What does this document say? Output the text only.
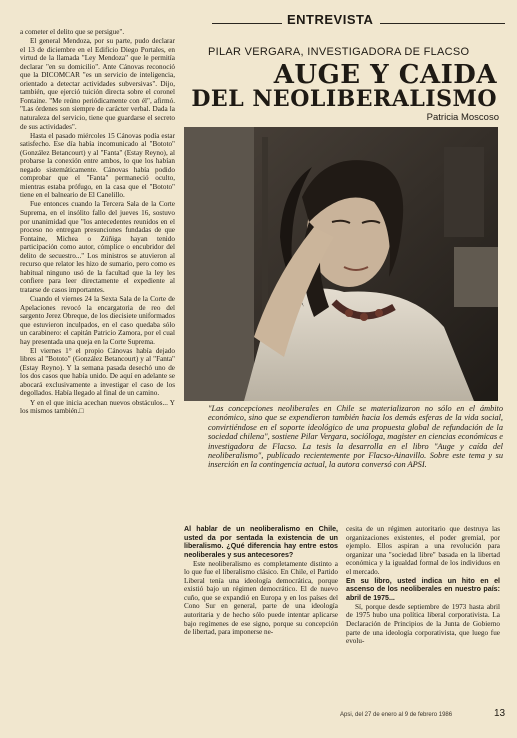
ENTREVISTA

a cometer el delito que se persigue".

El general Mendoza, por su parte, pudo declarar el 13 de diciembre en el Edificio Diego Portales, en virtud de la llamada "Ley Mendoza" que le permitía declarar "en su domicilio". Ante Cánovas reconoció que la DICOMCAR "es un servicio de inteligencia, orientado a detectar actividades subversivas". Dijo, también, que ejerció tuición directa sobre el coronel Fontaine. "Me reúno periódicamente con él", afirmó. "Las órdenes son siempre de carácter verbal. Dada la naturaleza del servicio, tiene que guardarse el secreto de sus actividades".

Hasta el pasado miércoles 15 Cánovas podía estar satisfecho. Ese día había incomunicado al "Bototo" (González Betancourt) y al "Fanta" (Estay Reyno), al probarse la conexión entre ambos, lo que los habían negado sistemáticamente. Cánovas había podido comprobar que el "Fanta" permaneció oculto, mientras estaba prófugo, en la casa que el "Bototo" tiene en el balneario de El Canelillo.

Fue entonces cuando la Tercera Sala de la Corte Suprema, en el insólito fallo del jueves 16, sostuvo por unanimidad que "los antecedentes reunidos en el proceso no entregan presunciones fundadas de que Fontaine, Michea o Zúñiga hayan tenido participación como autor, cómplice o encubridor del delito de secuestro..." Los ministros se atuvieron al recurso que relator les hizo de sumario, pero como es habitual ninguno usó de la facultad que la ley les confiere para leer directamente el expediente al tratarse de casos importantes.

Cuando el viernes 24 la Sexta Sala de la Corte de Apelaciones revocó la encargatoria de reo del sargento Jerez Obreque, de los diecisiete uniformados que estuvieron inculpados, en el caso quedaba sólo un carabinero: el capitán Patricio Zamora, por el cual hay presentada una queja en la Corte Suprema.

El viernes 1° el propio Cánovas había dejado libres al "Bototo" (González Betancourt) y al "Fanta" (Estay Reyno). Y la semana pasada desechó uno de los dos casos que había unido. De aquí en adelante se abocará exclusivamente a investigar el caso de los degollados. Había llegado al final de un camino.

Y en el que inicia acechan nuevos obstáculos... Y los mismos también.□

PILAR VERGARA, INVESTIGADORA DE FLACSO
AUGE Y CAIDA
DEL NEOLIBERALISMO
Patricia Moscoso
"Las concepciones neoliberales en Chile se materializaron no sólo en el ámbito económico, sino que se expendieron también hacia los demás esferas de la vida social, convirtiéndose en el soporte ideológico de una propuesta global de refundación de la sociedad chilena", sostiene Pilar Vergara, socióloga, magister en ciencias económicas e investigadora de Flacso. La tesis la desarrolla en el libro "Auge y caída del neoliberalismo", publicado recientemente por Flacso-Ainavillo. Sobre este tema y su inserción en la contingencia actual, la autora conversó con APSI.

Al hablar de un neoliberalismo en Chile, usted da por sentada la existencia de un liberalismo. ¿Qué diferencia hay entre estos neoliberales y sus antecesores?

Este neoliberalismo es completamente distinto a lo que fue el liberalismo clásico. En Chile, el Partido Liberal tenía una ideología democrática, porque existió bajo un régimen democrático. El de nuevo cuño, que se expandió en Europa y en los países del Cono Sur en general, parte de una ideología autoritaria y de hecho sólo puede intentar aplicarse bajo regímenes de ese signo, porque su concepción de libertad, para imponerse ne-

cesita de un régimen autoritario que destruya las organizaciones existentes, el poder gremial, por ejemplo. Ellos aspiran a una revolución para organizar una "sociedad libre" basada en la libertad económica y la igualdad formal de los individuos en el mercado.

En su libro, usted indica un hito en el ascenso de los neoliberales en nuestro país: abril de 1975...

Sí, porque desde septiembre de 1973 hasta abril de 1975 hubo una política liberal corporativista. La Declaración de Principios de la Junta de Gobierno parte de una ideología corporativista, que luego fue evolu-

Apsi, del 27 de enero al 9 de febrero 1986	13
